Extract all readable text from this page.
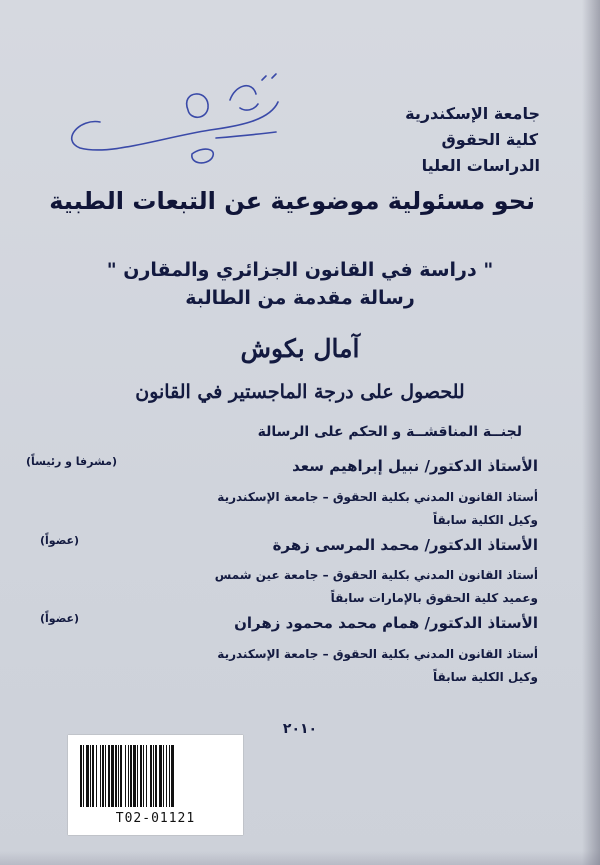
جامعة الإسكندرية
كلية الحقوق
الدراسات العليا
نحو مسئولية موضوعية عن التبعات الطبية
" دراسة في القانون الجزائري والمقارن "
رسالة مقدمة من الطالبة
آمال بكوش
للحصول على درجة الماجستير في القانون
لجنــة المناقشــة و الحكم على الرسالة
الأستاذ الدكتور/ نبيل إبراهيم سعد
(مشرفا و رئيساً)
أستاذ القانون المدني بكلية الحقوق – جامعة الإسكندرية
وكيل الكلية سابقاً
الأستاذ الدكتور/ محمد المرسى زهرة
(عضواً)
أستاذ القانون المدني بكلية الحقوق – جامعة عين شمس
وعميد كلية الحقوق بالإمارات سابقاً
الأستاذ الدكتور/ همام محمد محمود زهران
(عضواً)
أستاذ القانون المدني بكلية الحقوق – جامعة الإسكندرية
وكيل الكلية سابقاً
٢٠١٠
T02-01121
